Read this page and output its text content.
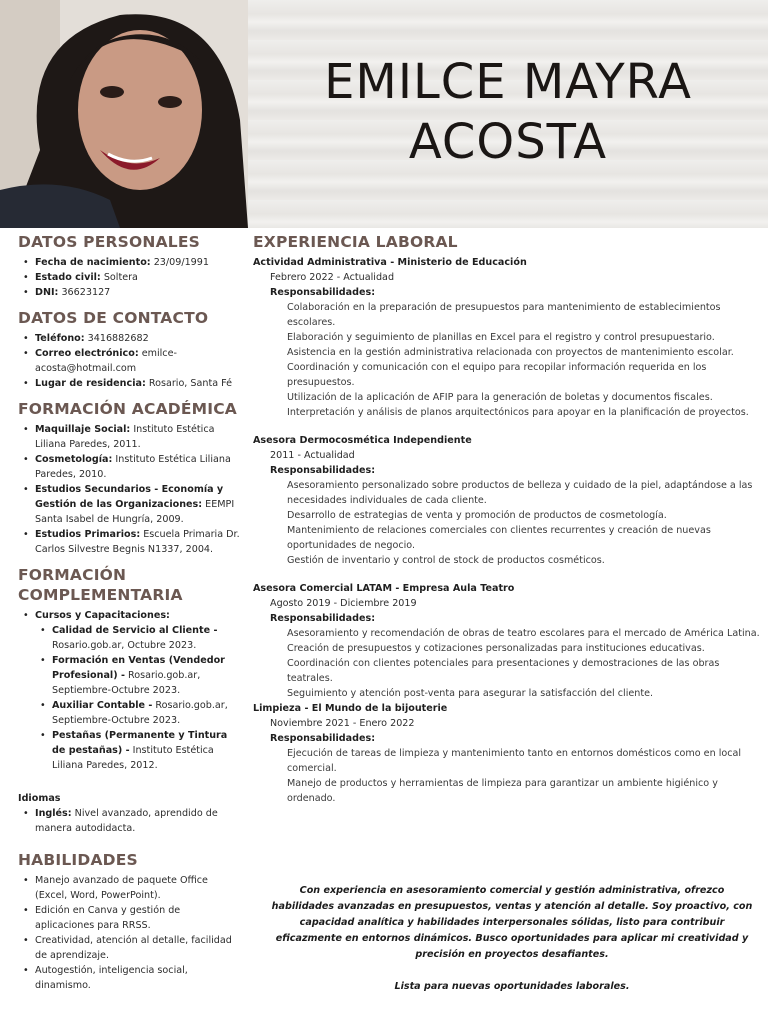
EMILCE MAYRA
ACOSTA
DATOS PERSONALES
• Fecha de nacimiento: 23/09/1991
• Estado civil: Soltera
• DNI: 36623127
DATOS DE CONTACTO
• Teléfono: 3416882682
• Correo electrónico: emilce-acosta@hotmail.com
• Lugar de residencia: Rosario, Santa Fé
FORMACIÓN ACADÉMICA
• Maquillaje Social: Instituto Estética Liliana Paredes, 2011.
• Cosmetología: Instituto Estética Liliana Paredes, 2010.
• Estudios Secundarios - Economía y Gestión de las Organizaciones: EEMPI Santa Isabel de Hungría, 2009.
• Estudios Primarios: Escuela Primaria Dr. Carlos Silvestre Begnis N1337, 2004.
FORMACIÓN COMPLEMENTARIA
• Cursos y Capacitaciones:
• Calidad de Servicio al Cliente - Rosario.gob.ar, Octubre 2023.
• Formación en Ventas (Vendedor Profesional) - Rosario.gob.ar, Septiembre-Octubre 2023.
• Auxiliar Contable - Rosario.gob.ar, Septiembre-Octubre 2023.
• Pestañas (Permanente y Tintura de pestañas) - Instituto Estética Liliana Paredes, 2012.
Idiomas
• Inglés: Nivel avanzado, aprendido de manera autodidacta.
HABILIDADES
• Manejo avanzado de paquete Office (Excel, Word, PowerPoint).
• Edición en Canva y gestión de aplicaciones para RRSS.
• Creatividad, atención al detalle, facilidad de aprendizaje.
• Autogestión, inteligencia social, dinamismo.
EXPERIENCIA LABORAL
Actividad Administrativa - Ministerio de Educación
Febrero 2022 - Actualidad
Responsabilidades:
Colaboración en la preparación de presupuestos para mantenimiento de establecimientos escolares.
Elaboración y seguimiento de planillas en Excel para el registro y control presupuestario.
Asistencia en la gestión administrativa relacionada con proyectos de mantenimiento escolar.
Coordinación y comunicación con el equipo para recopilar información requerida en los presupuestos.
Utilización de la aplicación de AFIP para la generación de boletas y documentos fiscales.
Interpretación y análisis de planos arquitectónicos para apoyar en la planificación de proyectos.
Asesora Dermocosmética Independiente
2011 - Actualidad
Responsabilidades:
Asesoramiento personalizado sobre productos de belleza y cuidado de la piel, adaptándose a las necesidades individuales de cada cliente.
Desarrollo de estrategias de venta y promoción de productos de cosmetología.
Mantenimiento de relaciones comerciales con clientes recurrentes y creación de nuevas oportunidades de negocio.
Gestión de inventario y control de stock de productos cosméticos.
Asesora Comercial LATAM - Empresa Aula Teatro
Agosto 2019 - Diciembre 2019
Responsabilidades:
Asesoramiento y recomendación de obras de teatro escolares para el mercado de América Latina.
Creación de presupuestos y cotizaciones personalizadas para instituciones educativas.
Coordinación con clientes potenciales para presentaciones y demostraciones de las obras teatrales.
Seguimiento y atención post-venta para asegurar la satisfacción del cliente.
Limpieza - El Mundo de la bijouterie
Noviembre 2021 - Enero 2022
Responsabilidades:
Ejecución de tareas de limpieza y mantenimiento tanto en entornos domésticos como en local comercial.
Manejo de productos y herramientas de limpieza para garantizar un ambiente higiénico y ordenado.

Con experiencia en asesoramiento comercial y gestión administrativa, ofrezco habilidades avanzadas en presupuestos, ventas y atención al detalle. Soy proactivo, con capacidad analítica y habilidades interpersonales sólidas, listo para contribuir eficazmente en entornos dinámicos. Busco oportunidades para aplicar mi creatividad y precisión en proyectos desafiantes.

Lista para nuevas oportunidades laborales.
